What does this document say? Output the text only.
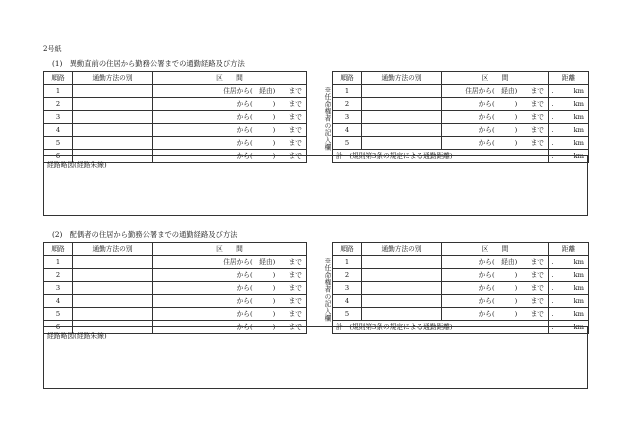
2号紙
(1)　異動直前の住居から勤務公署までの通勤経路及び方法
順路	通勤方法の別	区　　間	※任命権者の記入欄	順路	通勤方法の別	区　　間	距離
1		住居から(　経由)　　まで		1		住居から(　経由)　　まで	.　　　km
2		から(　　　)　　まで		2		から(　　　)　　まで	.　　　km
3		から(　　　)　　まで		3		から(　　　)　　まで	.　　　km
4		から(　　　)　　まで		4		から(　　　)　　まで	.　　　km
5		から(　　　)　　まで		5		から(　　　)　　まで	.　　　km
6		から(　　　)　　まで		計　(規則第3条の規定による通勤距離)			.　　　km
経路略図(経路朱線)
(2)　配偶者の住居から勤務公署までの通勤経路及び方法
順路	通勤方法の別	区　　間	※任命権者の記入欄	順路	通勤方法の別	区　　間	距離
1		住居から(　経由)　　まで		1		から(　経由)　　まで	.　　　km
2		から(　　　)　　まで		2		から(　　　)　　まで	.　　　km
3		から(　　　)　　まで		3		から(　　　)　　まで	.　　　km
4		から(　　　)　　まで		4		から(　　　)　　まで	.　　　km
5		から(　　　)　　まで		5		から(　　　)　　まで	.　　　km
6		から(　　　)　　まで		計　(規則第3条の規定による通勤距離)			.　　　km
経路略図(経路朱線)
